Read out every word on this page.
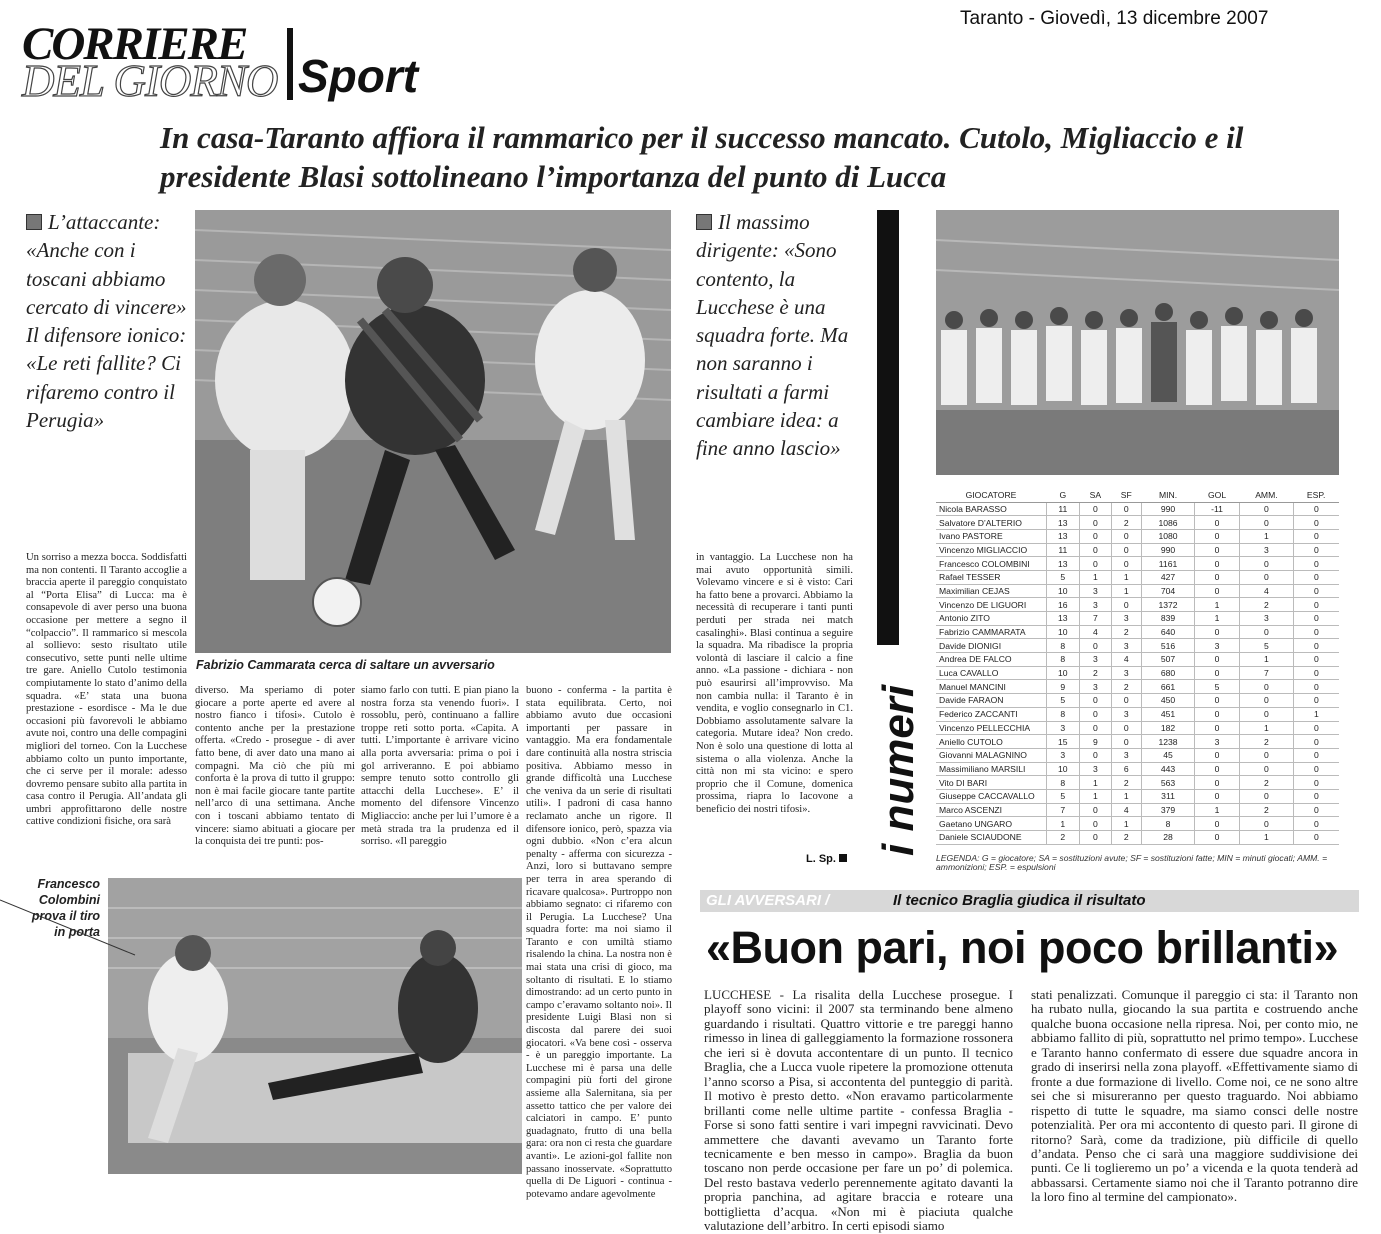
CORRIERE
DEL GIORNO Sport
Taranto - Giovedì, 13 dicembre 2007
In casa-Taranto affiora il rammarico per il successo mancato. Cutolo, Migliaccio e il presidente Blasi sottolineano l’importanza del punto di Lucca
L’attaccante: «Anche con i toscani abbiamo cercato di vincere» Il difensore ionico: «Le reti fallite? Ci rifaremo contro il Perugia»
Fabrizio Cammarata cerca di saltare un avversario

Un sorriso a mezza bocca. Soddisfatti ma non contenti. Il Taranto accoglie a braccia aperte il pareggio conquistato al “Porta Elisa” di Lucca: ma è consapevole di aver perso una buona occasione per mettere a segno il “colpaccio”. Il rammarico si mescola al sollievo: sesto risultato utile consecutivo, sette punti nelle ultime tre gare. Aniello Cutolo testimonia compiutamente lo stato d’animo della squadra. «E’ stata una buona prestazione - esordisce - Ma le due occasioni più favorevoli le abbiamo avute noi, contro una delle compagini migliori del torneo. Con la Lucchese abbiamo colto un punto importante, che ci serve per il morale: adesso dovremo pensare subito alla partita in casa contro il Perugia. All’andata gli umbri approfittarono delle nostre cattive condizioni fisiche, ora sarà

diverso. Ma speriamo di poter giocare a porte aperte ed avere al nostro fianco i tifosi». Cutolo è contento anche per la prestazione offerta. «Credo - prosegue - di aver fatto bene, di aver dato una mano ai compagni. Ma ciò che più mi conforta è la prova di tutto il gruppo: non è mai facile giocare tante partite nell’arco di una settimana. Anche con i toscani abbiamo tentato di vincere: siamo abituati a giocare per la conquista dei tre punti: pos-

siamo farlo con tutti. E pian piano la nostra forza sta venendo fuori». I rossoblu, però, continuano a fallire troppe reti sotto porta. «Capita. A tutti. L’importante è arrivare vicino alla porta avversaria: prima o poi i gol arriveranno. E poi abbiamo sempre tenuto sotto controllo gli attacchi della Lucchese». E’ il momento del difensore Vincenzo Migliaccio: anche per lui l’umore è a metà strada tra la prudenza ed il sorriso. «Il pareggio

buono - conferma - la partita è stata equilibrata. Certo, noi abbiamo avuto due occasioni importanti per passare in vantaggio. Ma era fondamentale dare continuità alla nostra striscia positiva. Abbiamo messo in grande difficoltà una Lucchese che veniva da un serie di risultati utili». I padroni di casa hanno reclamato anche un rigore. Il difensore ionico, però, spazza via ogni dubbio. «Non c’era alcun penalty - afferma con sicurezza - Anzi, loro si buttavano sempre per terra in area sperando di ricavare qualcosa». Purtroppo non abbiamo segnato: ci rifaremo con il Perugia. La Lucchese? Una squadra forte: ma noi siamo il Taranto e con umiltà stiamo risalendo la china. La nostra non è mai stata una crisi di gioco, ma soltanto di risultati. E lo stiamo dimostrando: ad un certo punto in campo c’eravamo soltanto noi». Il presidente Luigi Blasi non si discosta dal parere dei suoi giocatori. «Va bene così - osserva - è un pareggio importante. La Lucchese mi è parsa una delle compagini più forti del girone assieme alla Salernitana, sia per assetto tattico che per valore dei calciatori in campo. E’ punto guadagnato, frutto di una bella gara: ora non ci resta che guardare avanti». Le azioni-gol fallite non passano inosservate. «Soprattutto quella di De Liguori - continua - potevamo andare agevolmente

Il massimo dirigente: «Sono contento, la Lucchese è una squadra forte. Ma non saranno i risultati a farmi cambiare idea: a fine anno lascio»

in vantaggio. La Lucchese non ha mai avuto opportunità simili. Volevamo vincere e si è visto: Cari ha fatto bene a provarci. Abbiamo la necessità di recuperare i tanti punti perduti per strada nei match casalinghi». Blasi continua a seguire la squadra. Ma ribadisce la propria volontà di lasciare il calcio a fine anno. «La passione - dichiara - non può esaurirsi all’improvviso. Ma non cambia nulla: il Taranto è in vendita, e voglio consegnarlo in C1. Dobbiamo assolutamente salvare la categoria. Mutare idea? Non credo. Non è solo una questione di lotta al sistema o alla violenza. Anche la città non mi sta vicino: e spero proprio che il Comune, domenica prossima, riapra lo Iacovone a beneficio dei nostri tifosi».

L. Sp.
Francesco Colombini prova il tiro in porta
i numeri
GIOCATORE	G	SA	SF	MIN.	GOL	AMM.	ESP.
Nicola BARASSO	11	0	0	990	-11	0	0
Salvatore D’ALTERIO	13	0	2	1086	0	0	0
Ivano PASTORE	13	0	0	1080	0	1	0
Vincenzo MIGLIACCIO	11	0	0	990	0	3	0
Francesco COLOMBINI	13	0	0	1161	0	0	0
Rafael TESSER	5	1	1	427	0	0	0
Maximilian CEJAS	10	3	1	704	0	4	0
Vincenzo DE LIGUORI	16	3	0	1372	1	2	0
Antonio ZITO	13	7	3	839	1	3	0
Fabrizio CAMMARATA	10	4	2	640	0	0	0
Davide DIONIGI	8	0	3	516	3	5	0
Andrea DE FALCO	8	3	4	507	0	1	0
Luca CAVALLO	10	2	3	680	0	7	0
Manuel MANCINI	9	3	2	661	5	0	0
Davide FARAON	5	0	0	450	0	0	0
Federico ZACCANTI	8	0	3	451	0	0	1
Vincenzo PELLECCHIA	3	0	0	182	0	1	0
Aniello CUTOLO	15	9	0	1238	3	2	0
Giovanni MALAGNINO	3	0	3	45	0	0	0
Massimiliano MARSILI	10	3	6	443	0	0	0
Vito DI BARI	8	1	2	563	0	2	0
Giuseppe CACCAVALLO	5	1	1	311	0	0	0
Marco ASCENZI	7	0	4	379	1	2	0
Gaetano UNGARO	1	0	1	8	0	0	0
Daniele SCIAUDONE	2	0	2	28	0	1	0
LEGENDA: G = giocatore; SA = sostituzioni avute; SF = sostituzioni fatte; MIN = minuti giocati; AMM. = ammonizioni; ESP. = espulsioni
GLI AVVERSARI /	Il tecnico Braglia giudica il risultato
«Buon pari, noi poco brillanti»

LUCCHESE - La risalita della Lucchese prosegue. I playoff sono vicini: il 2007 sta terminando bene almeno guardando i risultati. Quattro vittorie e tre pareggi hanno rimesso in linea di galleggiamento la formazione rossonera che ieri si è dovuta accontentare di un punto. Il tecnico Braglia, che a Lucca vuole ripetere la promozione ottenuta l’anno scorso a Pisa, si accontenta del punteggio di parità. Il motivo è presto detto. «Non eravamo particolarmente brillanti come nelle ultime partite - confessa Braglia - Forse si sono fatti sentire i vari impegni ravvicinati. Devo ammettere che davanti avevamo un Taranto forte tecnicamente e ben messo in campo». Braglia da buon toscano non perde occasione per fare un po’ di polemica. Del resto bastava vederlo perennemente agitato davanti la propria panchina, ad agitare braccia e roteare una bottiglietta d’acqua. «Non mi è piaciuta qualche valutazione dell’arbitro. In certi episodi siamo

stati penalizzati. Comunque il pareggio ci sta: il Taranto non ha rubato nulla, giocando la sua partita e costruendo anche qualche buona occasione nella ripresa. Noi, per conto mio, ne abbiamo fallito di più, soprattutto nel primo tempo». Lucchese e Taranto hanno confermato di essere due squadre ancora in grado di inserirsi nella zona playoff. «Effettivamente siamo di fronte a due formazione di livello. Come noi, ce ne sono altre sei che si misureranno per questo traguardo. Noi abbiamo rispetto di tutte le squadre, ma siamo consci delle nostre potenzialità. Per ora mi accontento di questo pari. Il girone di ritorno? Sarà, come da tradizione, più difficile di quello d’andata. Penso che ci sarà una maggiore suddivisione dei punti. Ce li toglieremo un po’ a vicenda e la quota tenderà ad abbassarsi. Certamente siamo noi che il Taranto potranno dire la loro fino al termine del campionato».
